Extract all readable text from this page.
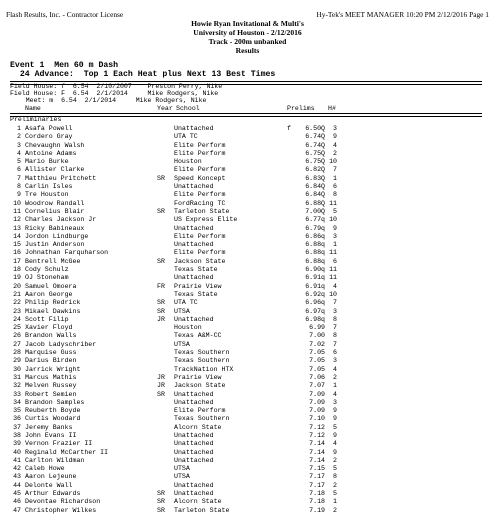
Flash Results, Inc. - Contractor License	Hy-Tek's MEET MANAGER 10:20 PM 2/12/2016 Page 1
Howie Ryan Invitational & Multi's
University of Houston - 2/12/2016
Track - 200m unbanked
Results
Event 1  Men 60 m Dash
24 Advance:  Top 1 Each Heat plus Next 13 Best Times
Field House: f  6.54  2/10/2007    Preston Perry, Nike
Field House: F  6.54  2/1/2014     Mike Rodgers, Nike
Meet: m  6.54  2/1/2014     Mike Rodgers, Nike
Name	Year School	Prelims H#
Preliminaries
1 Asafa Powell	Unattached	f	6.50Q	3
2 Cordero Gray	UTA TC	6.74Q	9
3 Chevaughn Walsh	Elite Perform	6.74Q	4
4 Antoine Adams	Elite Perform	6.75Q	2
5 Mario Burke	Houston	6.75Q 10
6 Allister Clarke	Elite Perform	6.82Q	7
7 Matthieu Pritchett	SR Speed Koncept	6.83Q	1
8 Carlin Isles	Unattached	6.84Q	6
9 Tre Houston	Elite Perform	6.84Q	8
10 Woodrow Randall	FordRacing TC	6.88Q 11
11 Cornelius Blair	SR Tarleton State	7.00Q	5
12 Charles Jackson Jr	US Express Elite	6.77q 10
13 Ricky Babineaux	Unattached	6.79q	9
14 Jordon Lindburge	Elite Perform	6.86q	3
15 Justin Anderson	Unattached	6.88q	1
16 Johnathan Farquharson	Elite Perform	6.88q 11
17 Bentrell McGee	SR Jackson State	6.88q	6
18 Cody Schulz	Texas State	6.90q 11
19 OJ Stoneham	Unattached	6.91q 11
20 Samuel Omoera	FR Prairie View	6.91q	4
21 Aaron George	Texas State	6.92q 10
22 Philip Redrick	SR UTA TC	6.96q	7
23 Mikael Dawkins	SR UTSA	6.97q	3
24 Scott Filip	JR Unattached	6.98q	8
25 Xavier Floyd	Houston	6.99	7
26 Brandon Walls	Texas A&M-CC	7.00	8
27 Jacob Ladyschriber	UTSA	7.02	7
28 Marquise Guss	Texas Southern	7.05	6
29 Darius Birden	Texas Southern	7.05	3
30 Jarrick Wright	TrackNation HTX	7.05	4
31 Marcus Mathis	JR Prairie View	7.06	2
32 Melven Russey	JR Jackson State	7.07	1
33 Robert Semien	SR Unattached	7.09	4
34 Brandon Samples	Unattached	7.09	3
35 Reuberth Boyde	Elite Perform	7.09	9
36 Curtis Woodard	Texas Southern	7.10	9
37 Jeremy Banks	Alcorn State	7.12	5
38 John Evans II	Unattached	7.12	9
39 Vernon Frazier II	Unattached	7.14	4
40 Reginald McCarther II	Unattached	7.14	9
41 Carlton Wildman	Unattached	7.14	2
42 Caleb Howe	UTSA	7.15	5
43 Aaron Lejeune	UTSA	7.17	8
44 Delonte Wall	Unattached	7.17	2
45 Arthur Edwards	SR Unattached	7.18	5
46 Devontae Richardson	SR Alcorn State	7.18	1
47 Christopher Wilkes	SR Tarleton State	7.19	2
